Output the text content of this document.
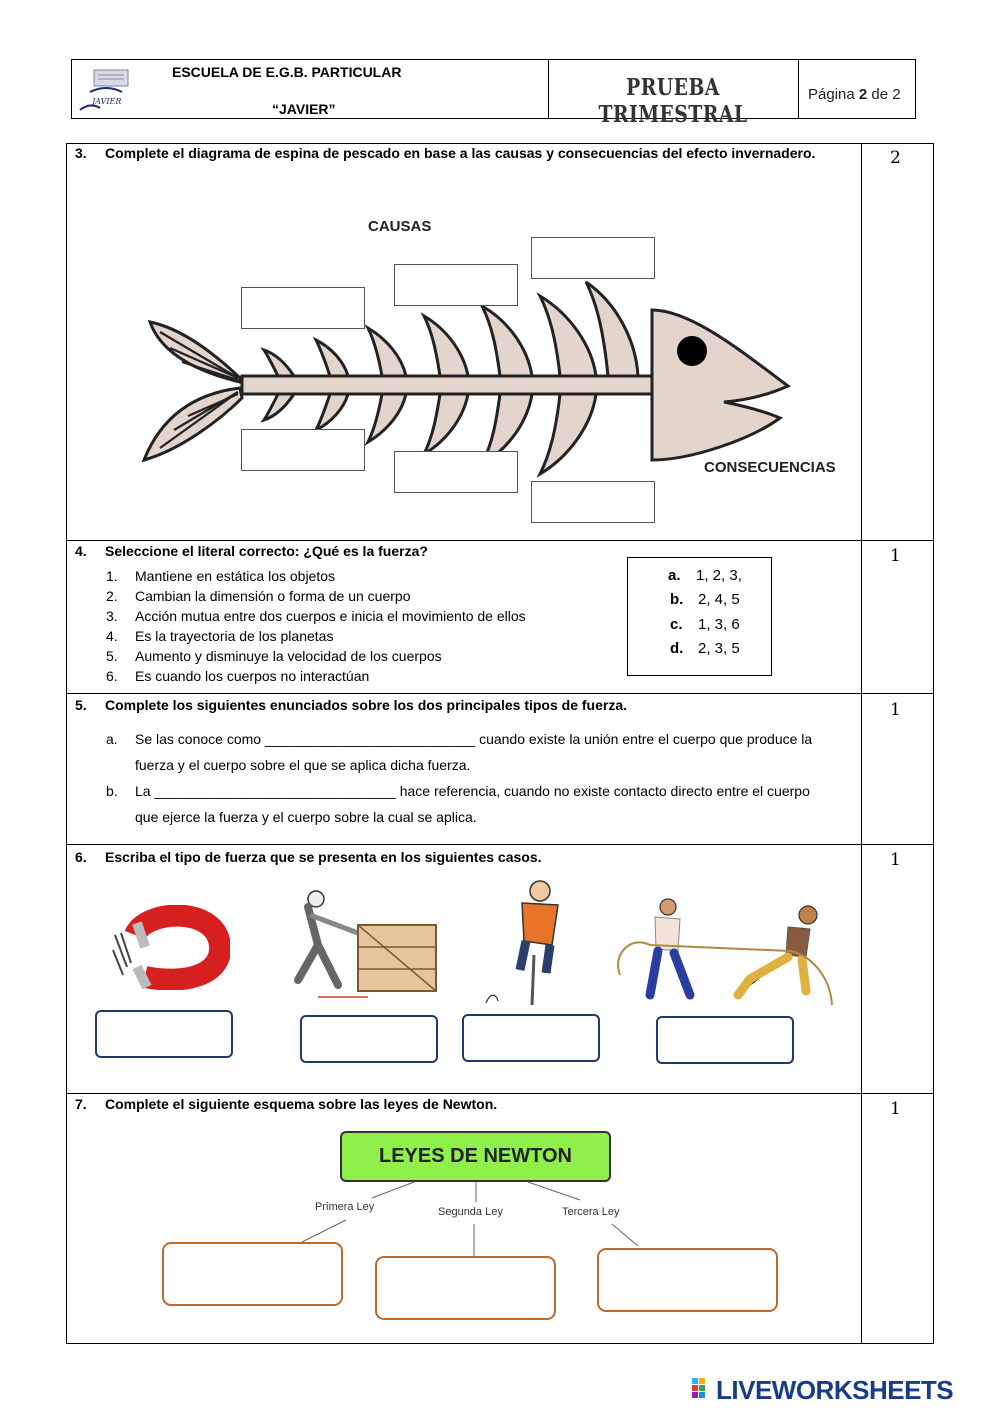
JAVIER
ESCUELA DE E.G.B. PARTICULAR
“JAVIER”
PRUEBA TRIMESTRAL
Página 2 de 2
3. Complete el diagrama de espina de pescado en base a las causas y consecuencias del efecto invernadero.	2
CAUSAS
CONSECUENCIAS
4. Seleccione el literal correcto: ¿Qué es la fuerza?	1
1. Mantiene en estática los objetos
2. Cambian la dimensión o forma de un cuerpo
3. Acción mutua entre dos cuerpos e inicia el movimiento de ellos
4. Es la trayectoria de los planetas
5. Aumento y disminuye la velocidad de los cuerpos
6. Es cuando los cuerpos no interactúan
a. 1, 2, 3,
b. 2, 4, 5
c. 1, 3, 6
d. 2, 3, 5
5. Complete los siguientes enunciados sobre los dos principales tipos de fuerza.	1
a. Se las conoce como ___________________________ cuando existe la unión entre el cuerpo que produce la
fuerza y el cuerpo sobre el que se aplica dicha fuerza.
b. La _______________________________ hace referencia, cuando no existe contacto directo entre el cuerpo
que ejerce la fuerza y el cuerpo sobre la cual se aplica.
6. Escriba el tipo de fuerza que se presenta en los siguientes casos.	1
7. Complete el siguiente esquema sobre las leyes de Newton.	1
LEYES DE NEWTON
Primera Ley	Segunda Ley	Tercera Ley
LIVEWORKSHEETS
